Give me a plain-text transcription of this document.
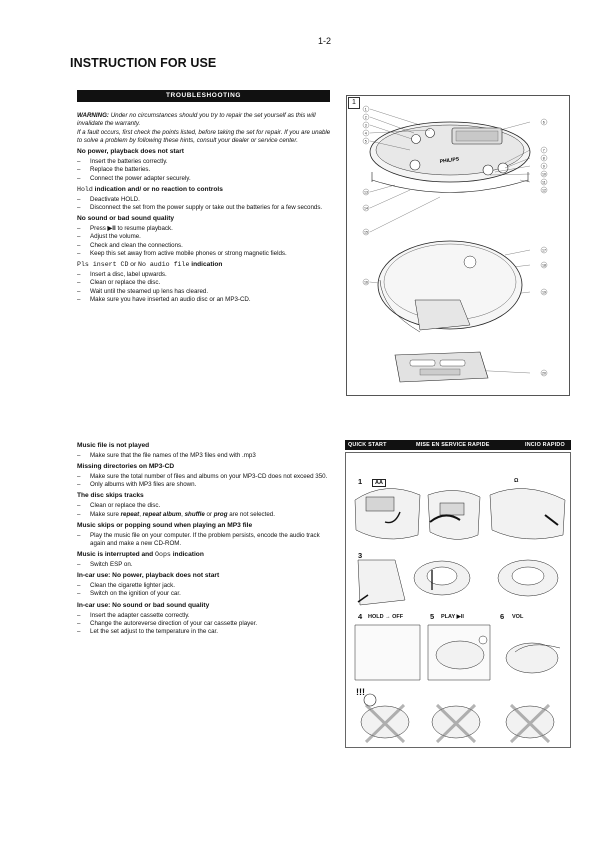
1-2
INSTRUCTION FOR USE
TROUBLESHOOTING
WARNING: Under no circumstances should you try to repair the set yourself as this will invalidate the warranty.
If a fault occurs, first check the points listed, before taking the set for repair. If you are unable to solve a problem by following these hints, consult your dealer or service center.
No power, playback does not start
– Insert the batteries correctly.
– Replace the batteries.
– Connect the power adapter securely.
Hold indication and/ or no reaction to controls
– Deactivate HOLD.
– Disconnect the set from the power supply or take out the batteries for a few seconds.
No sound or bad sound quality
– Press ▶II to resume playback.
– Adjust the volume.
– Check and clean the connections.
– Keep this set away from active mobile phones or strong magnetic fields.
Pls insert CD or No audio file indication
– Insert a disc, label upwards.
– Clean or replace the disc.
– Wait until the steamed up lens has cleared.
– Make sure you have inserted an audio disc or an MP3-CD.
Music file is not played
– Make sure that the file names of the MP3 files end with .mp3
Missing directories on MP3-CD
– Make sure the total number of files and albums on your MP3-CD does not exceed 350.
– Only albums with MP3 files are shown.
The disc skips tracks
– Clean or replace the disc.
– Make sure repeat, repeat album, shuffle or prog are not selected.
Music skips or popping sound when playing an MP3 file
– Play the music file on your computer. If the problem persists, encode the audio track again and make a new CD-ROM.
Music is interrupted and Oops indication
– Switch ESP on.
In-car use: No power, playback does not start
– Clean the cigarette lighter jack.
– Switch on the ignition of your car.
In-car use: No sound or bad sound quality
– Insert the adapter cassette correctly.
– Change the autoreverse direction of your car cassette player.
– Let the set adjust to the temperature in the car.
1
PHILIPS
1
2
3
4
5
6
7
8
9
10
11
12
13
14
15
16
17
18
19
20
QUICK START	MISE EN SERVICE RAPIDE	INCIO RAPIDO
1	AA	Ω
3
4 HOLD → OFF	5 PLAY ▶II	6 VOL
!!!
